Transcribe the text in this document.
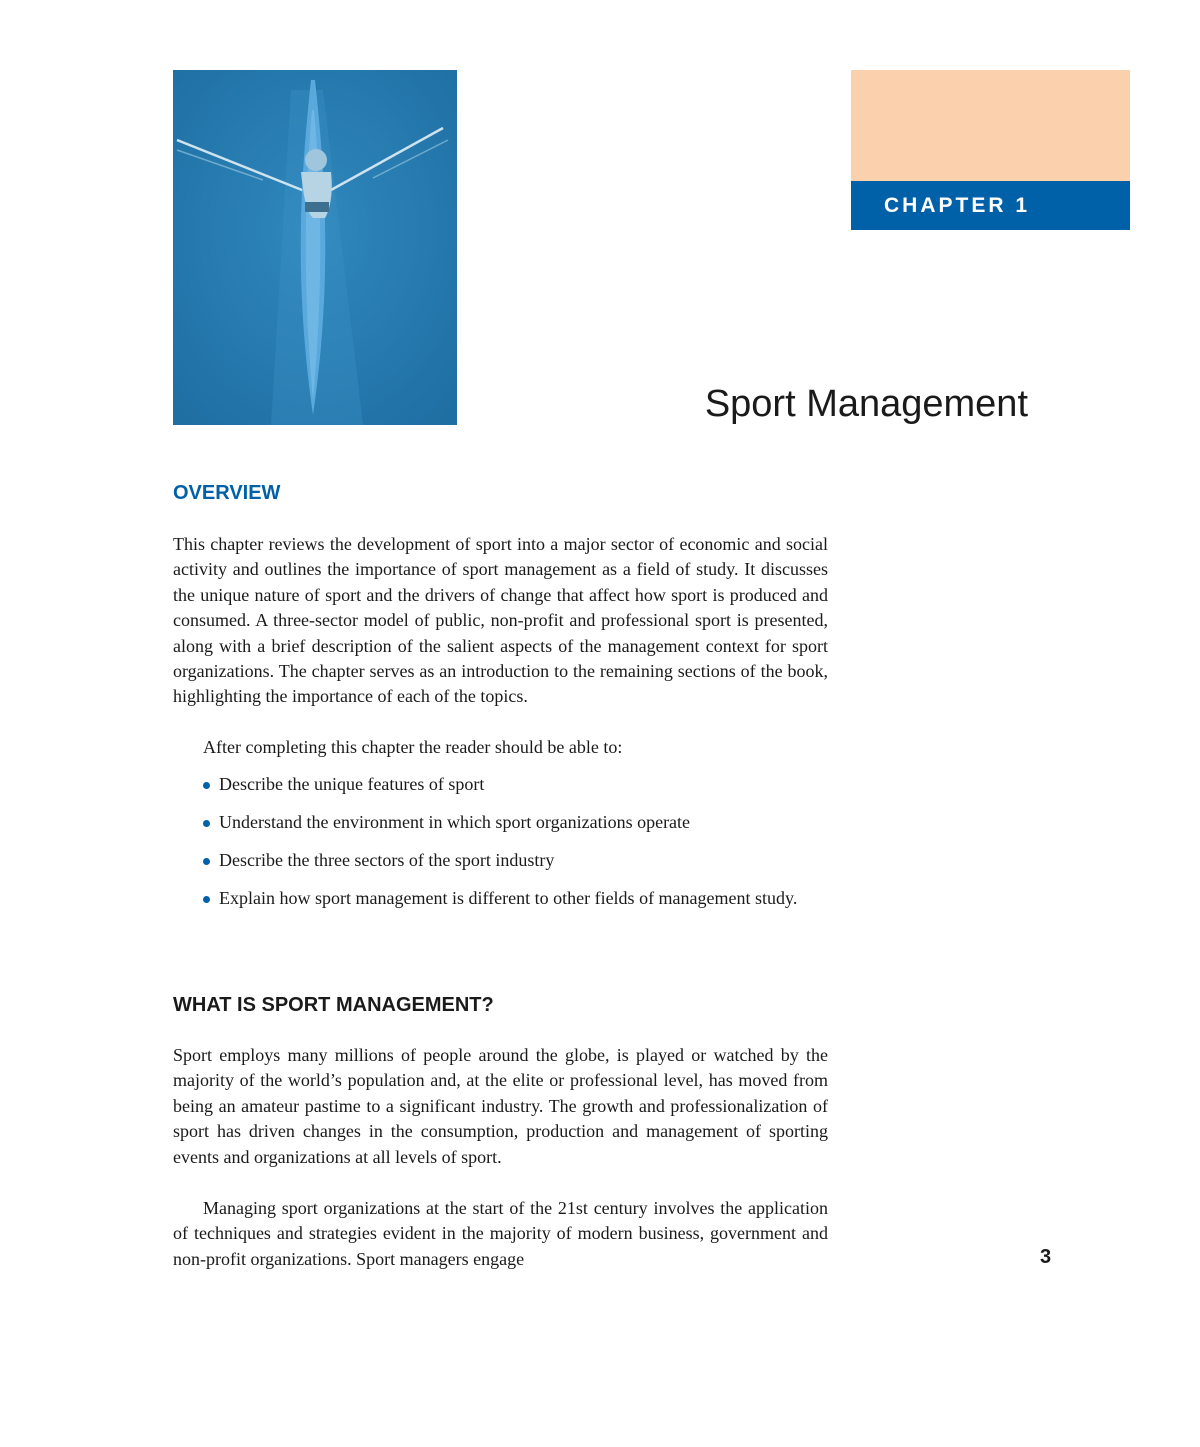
CHAPTER 1
Sport Management
OVERVIEW

This chapter reviews the development of sport into a major sector of economic and social activity and outlines the importance of sport management as a field of study. It discusses the unique nature of sport and the drivers of change that affect how sport is produced and consumed. A three-sector model of public, non-profit and professional sport is presented, along with a brief description of the salient aspects of the management context for sport organizations. The chapter serves as an introduction to the remaining sections of the book, highlighting the importance of each of the topics.

After completing this chapter the reader should be able to:

Describe the unique features of sport
Understand the environment in which sport organizations operate
Describe the three sectors of the sport industry
Explain how sport management is different to other fields of management study.
WHAT IS SPORT MANAGEMENT?

Sport employs many millions of people around the globe, is played or watched by the majority of the world’s population and, at the elite or professional level, has moved from being an amateur pastime to a significant industry. The growth and professionalization of sport has driven changes in the consumption, production and management of sporting events and organizations at all levels of sport.

Managing sport organizations at the start of the 21st century involves the application of techniques and strategies evident in the majority of modern business, government and non-profit organizations. Sport managers engage	3
